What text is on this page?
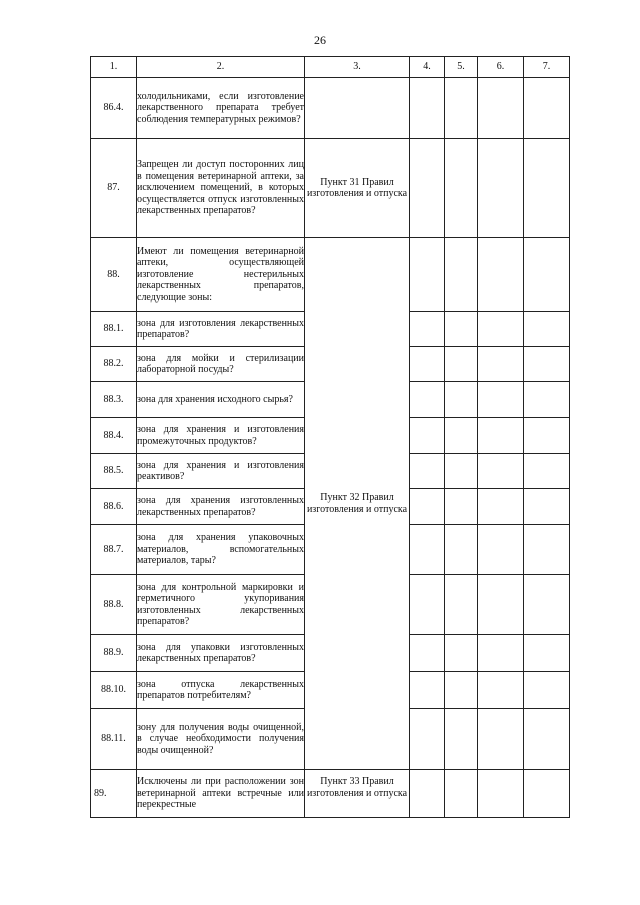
26
1.	2.	3.	4.	5.	6.	7.
86.4.	холодильниками, если изготовление лекарственного препарата требует соблюдения температурных режимов?					
87.	Запрещен ли доступ посторонних лиц в помещения ветеринарной аптеки, за исключением помещений, в которых осуществляется отпуск изготовленных лекарственных препаратов?	Пункт 31 Правил изготовления и отпуска				
88.	Имеют ли помещения ветеринарной аптеки, осуществляющей изготовление нестерильных лекарственных препаратов, следующие зоны:	Пункт 32 Правил изготовления и отпуска				
88.1.	зона для изготовления лекарственных препаратов?					
88.2.	зона для мойки и стерилизации лабораторной посуды?					
88.3.	зона для хранения исходного сырья?					
88.4.	зона для хранения и изготовления промежуточных продуктов?					
88.5.	зона для хранения и изготовления реактивов?					
88.6.	зона для хранения изготовленных лекарственных препаратов?					
88.7.	зона для хранения упаковочных материалов, вспомогательных материалов, тары?					
88.8.	зона для контрольной маркировки и герметичного укупоривания изготовленных лекарственных препаратов?					
88.9.	зона для упаковки изготовленных лекарственных препаратов?					
88.10.	зона отпуска лекарственных препаратов потребителям?					
88.11.	зону для получения воды очищенной, в случае необходимости получения воды очищенной?					
89.	Исключены ли при расположении зон ветеринарной аптеки встречные или перекрестные	Пункт 33 Правил изготовления и отпуска				
